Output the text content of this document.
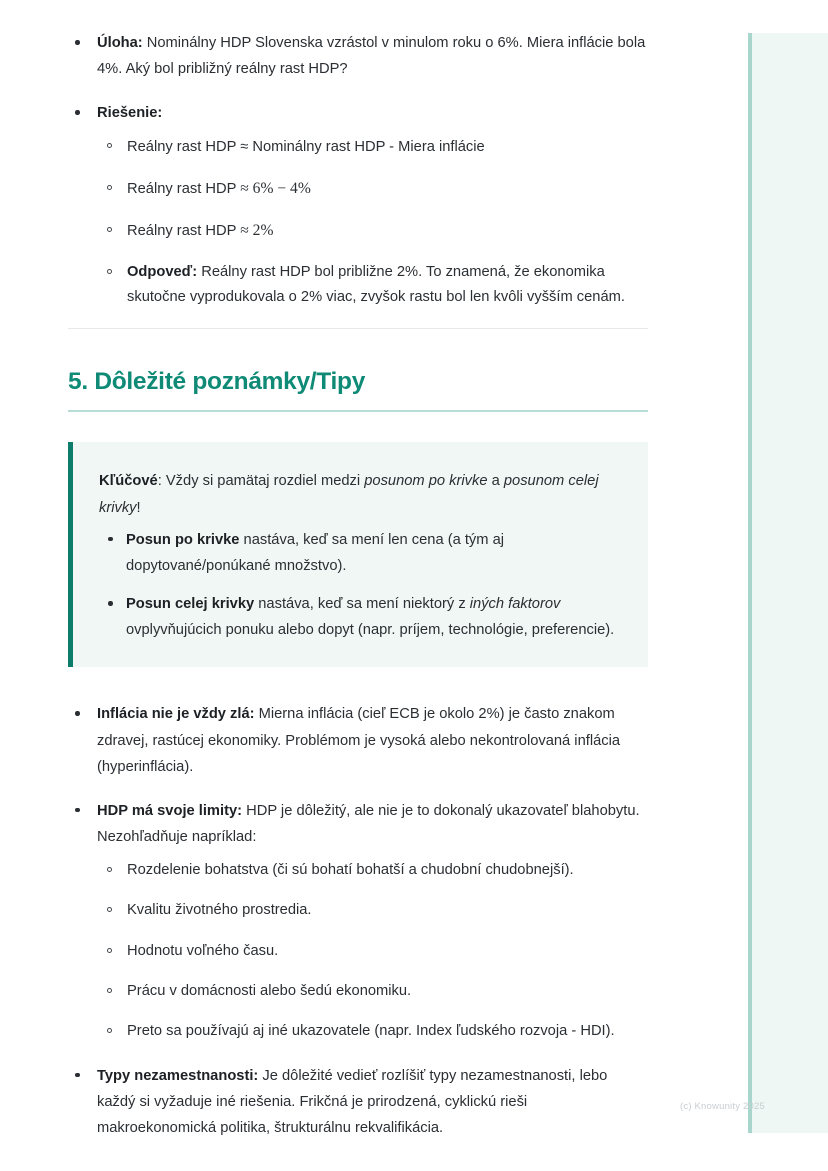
Úloha: Nominálny HDP Slovenska vzrástol v minulom roku o 6%. Miera inflácie bola 4%. Aký bol približný reálny rast HDP?
Riešenie:
Reálny rast HDP ≈ Nominálny rast HDP - Miera inflácie
Reálny rast HDP ≈ 6% − 4%
Reálny rast HDP ≈ 2%
Odpoveď: Reálny rast HDP bol približne 2%. To znamená, že ekonomika skutočne vyprodukovala o 2% viac, zvyšok rastu bol len kvôli vyšším cenám.
5. Dôležité poznámky/Tipy

Kľúčové: Vždy si pamätaj rozdiel medzi posunom po krivke a posunom celej krivky!

Posun po krivke nastáva, keď sa mení len cena (a tým aj dopytované/ponúkané množstvo).
Posun celej krivky nastáva, keď sa mení niektorý z iných faktorov ovplyvňujúcich ponuku alebo dopyt (napr. príjem, technológie, preferencie).
Inflácia nie je vždy zlá: Mierna inflácia (cieľ ECB je okolo 2%) je často znakom zdravej, rastúcej ekonomiky. Problémom je vysoká alebo nekontrolovaná inflácia (hyperinflácia).
HDP má svoje limity: HDP je dôležitý, ale nie je to dokonalý ukazovateľ blahobytu. Nezohľadňuje napríklad:
Rozdelenie bohatstva (či sú bohatí bohatší a chudobní chudobnejší).
Kvalitu životného prostredia.
Hodnotu voľného času.
Prácu v domácnosti alebo šedú ekonomiku.
Preto sa používajú aj iné ukazovatele (napr. Index ľudského rozvoja - HDI).
Typy nezamestnanosti: Je dôležité vedieť rozlíšiť typy nezamestnanosti, lebo každý si vyžaduje iné riešenia. Frikčná je prirodzená, cyklickú rieši makroekonomická politika, štrukturálnu rekvalifikácia.
(c) Knowunity 2025
